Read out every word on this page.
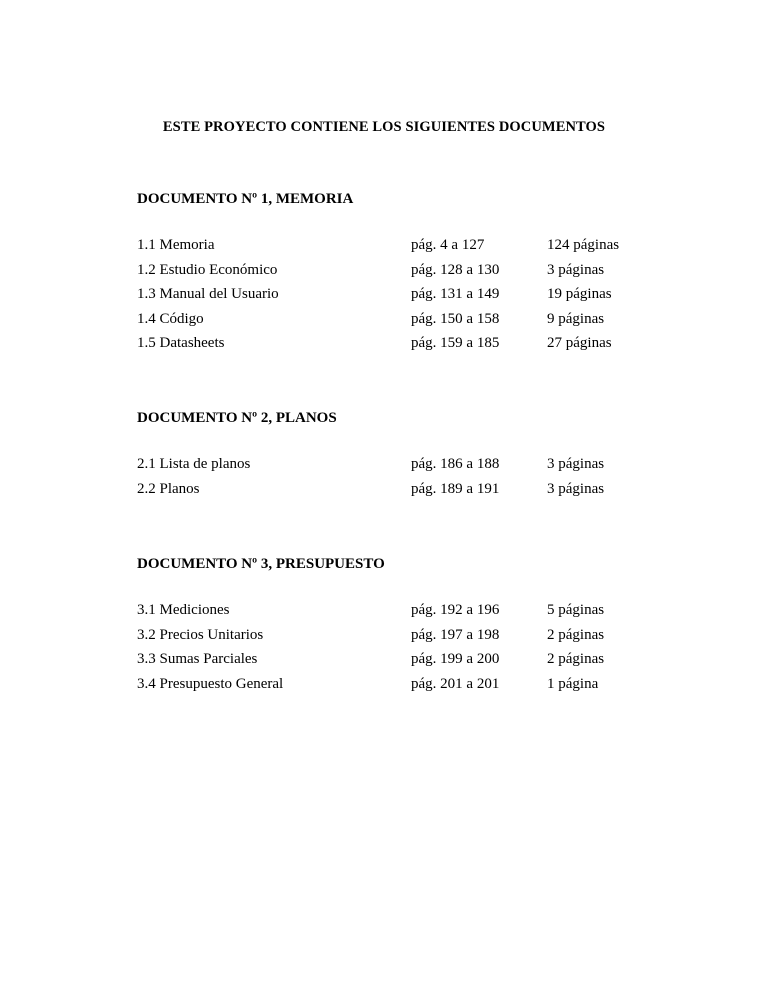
ESTE PROYECTO CONTIENE LOS SIGUIENTES DOCUMENTOS

DOCUMENTO Nº 1, MEMORIA

1.1 Memoria	pág. 4 a 127	124 páginas
1.2 Estudio Económico	pág. 128 a 130	3 páginas
1.3 Manual del Usuario	pág. 131 a 149	19 páginas
1.4 Código	pág. 150 a 158	9 páginas
1.5 Datasheets	pág. 159 a 185	27 páginas

DOCUMENTO Nº 2, PLANOS

2.1 Lista de planos	pág. 186 a 188	3 páginas
2.2 Planos	pág. 189 a 191	3 páginas

DOCUMENTO Nº 3, PRESUPUESTO

3.1 Mediciones	pág. 192 a 196	5 páginas
3.2 Precios Unitarios	pág. 197 a 198	2 páginas
3.3 Sumas Parciales	pág. 199 a 200	2 páginas
3.4 Presupuesto General	pág. 201 a 201	1 página
